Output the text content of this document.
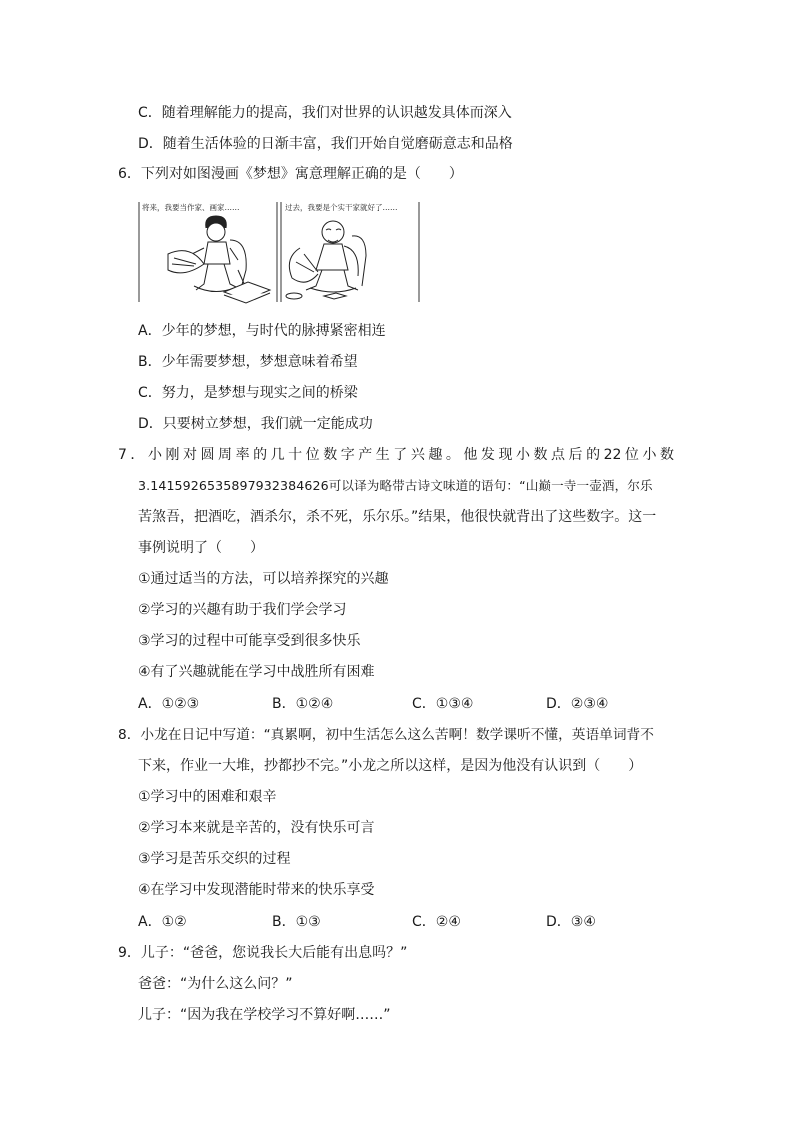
C．随着理解能力的提高，我们对世界的认识越发具体而深入
D．随着生活体验的日渐丰富，我们开始自觉磨砺意志和品格
6．下列对如图漫画《梦想》寓意理解正确的是（　　）
将来，我要当作家、画家……	过去，我要是个实干家就好了……
A．少年的梦想，与时代的脉搏紧密相连
B．少年需要梦想，梦想意味着希望
C．努力，是梦想与现实之间的桥梁
D．只要树立梦想，我们就一定能成功
7．小刚对圆周率的几十位数字产生了兴趣。他发现小数点后的22位小数
3.1415926535897932384626可以译为略带古诗文味道的语句：“山巅一寺一壶酒，尔乐
苦煞吾，把酒吃，酒杀尔，杀不死，乐尔乐。”结果，他很快就背出了这些数字。这一
事例说明了（　　）
①通过适当的方法，可以培养探究的兴趣
②学习的兴趣有助于我们学会学习
③学习的过程中可能享受到很多快乐
④有了兴趣就能在学习中战胜所有困难
A．①②③	B．①②④	C．①③④	D．②③④
8．小龙在日记中写道：“真累啊，初中生活怎么这么苦啊！数学课听不懂，英语单词背不
下来，作业一大堆，抄都抄不完。”小龙之所以这样，是因为他没有认识到（　　）
①学习中的困难和艰辛
②学习本来就是辛苦的，没有快乐可言
③学习是苦乐交织的过程
④在学习中发现潜能时带来的快乐享受
A．①②	B．①③	C．②④	D．③④
9．儿子：“爸爸，您说我长大后能有出息吗？”
爸爸：“为什么这么问？”
儿子：“因为我在学校学习不算好啊……”
